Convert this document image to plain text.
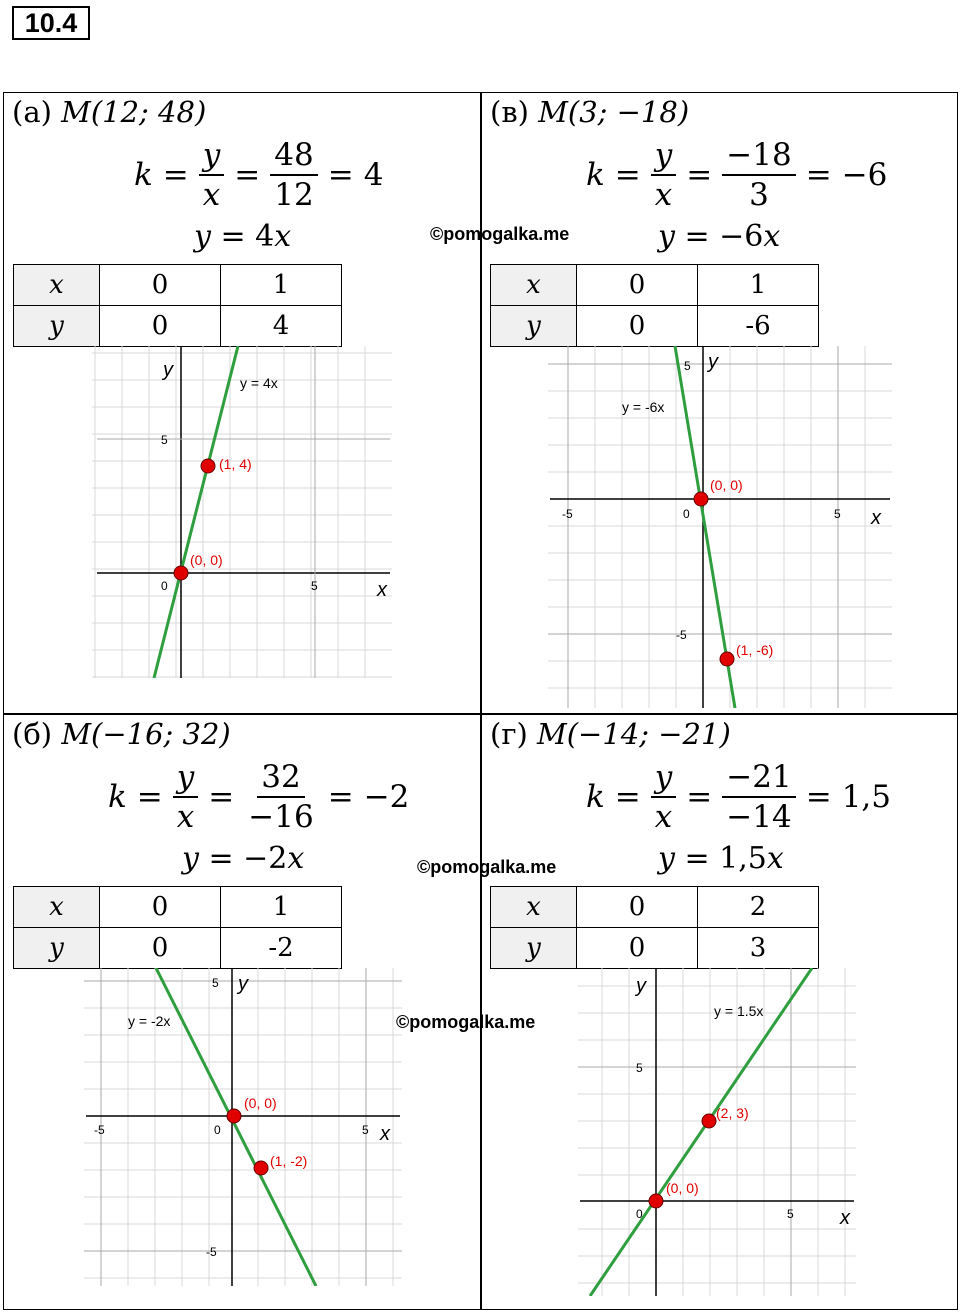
10.4
(а) M(12; 48)
$k = \frac{y}{x} = \frac{48}{12} = 4$
y = 4x
x	0	1
y	0	4
5
5
0
y
x
y = 4x
(0, 0)
(1, 4)
(в) M(3; −18)
$k = \frac{y}{x} = \frac{-18}{3} = -6$
y = −6x
x	0	1
y	0	-6
5
-5
-5	5
0
y
x
y = -6x
(0, 0)
(1, -6)
(б) M(−16; 32)
$k = \frac{y}{x} = \frac{32}{-16} = -2$
y = −2x
x	0	1
y	0	-2
5
-5
-5	5
0
y
x
y = -2x
(0, 0)
(1, -2)
(г) M(−14; −21)
$k = \frac{y}{x} = \frac{-21}{-14} = 1,5$
y = 1,5x
x	0	2
y	0	3
5
5
0
y
x
y = 1.5x
(0, 0)
(2, 3)
©pomogalka.me
©pomogalka.me
©pomogalka.me
